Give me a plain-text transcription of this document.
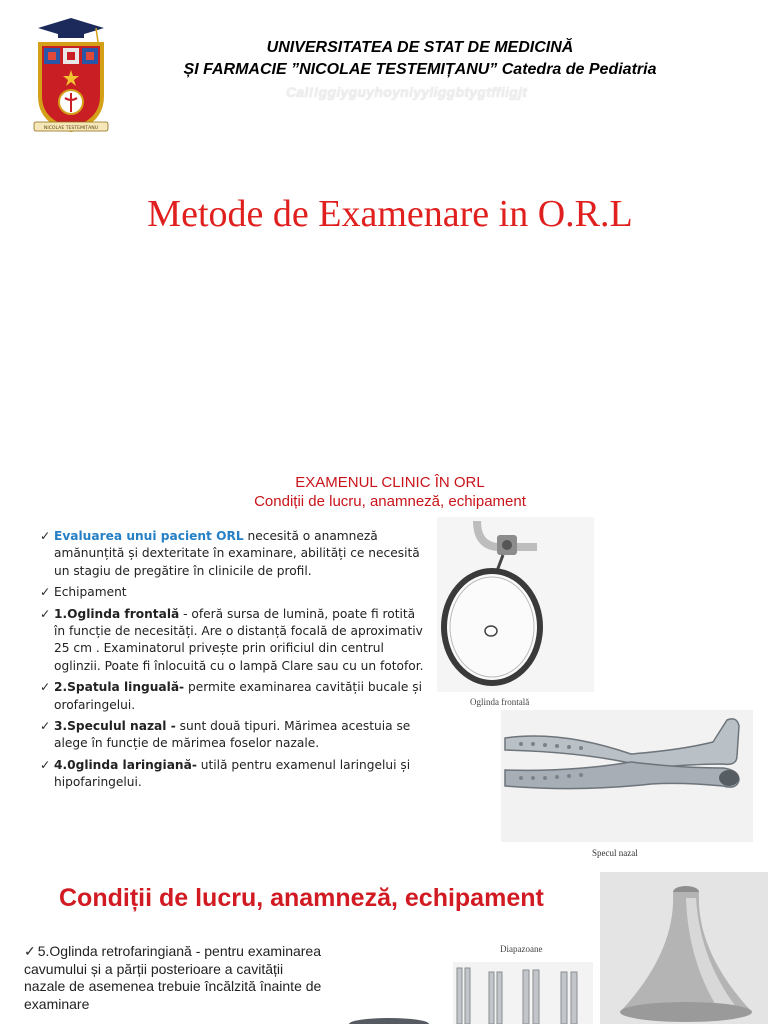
NICOLAE TESTEMIȚANU
UNIVERSITATEA DE STAT DE MEDICINĂ
ȘI FARMACIE ”NICOLAE TESTEMIȚANU” Catedra de Pediatria
Cal!!ggiyguyhoyniyyliggbtygtffiigjt
Metode de Examenare in O.R.L
EXAMENUL CLINIC ÎN ORL
Condiții de lucru, anamneză, echipament
✓ Evaluarea unui pacient ORL necesită o anamneză amănunțită și dexteritate în examinare, abilități ce necesită un stagiu de pregătire în clinicile de profil.
✓ Echipament
✓ 1.Oglinda frontală - oferă sursa de lumină, poate fi rotită în funcție de necesități. Are o distanță focală de aproximativ 25 cm . Examinatorul privește prin orificiul din centrul oglinzii. Poate fi înlocuită cu o lampă Clare sau cu un fotofor.
✓ 2.Spatula linguală- permite examinarea cavității bucale și orofaringelui.
✓ 3.Speculul nazal - sunt două tipuri. Mărimea acestuia se alege în funcție de mărimea foselor nazale.
✓ 4.0glinda laringiană- utilă pentru examenul laringelui și hipofaringelui.
Oglinda frontală
Specul nazal
Condiții de lucru, anamneză, echipament
Diapazoane
✓ 5.Oglinda retrofaringiană - pentru examinarea cavumului și a părții posterioare a cavității nazale de asemenea trebuie încălzită înainte de examinare
